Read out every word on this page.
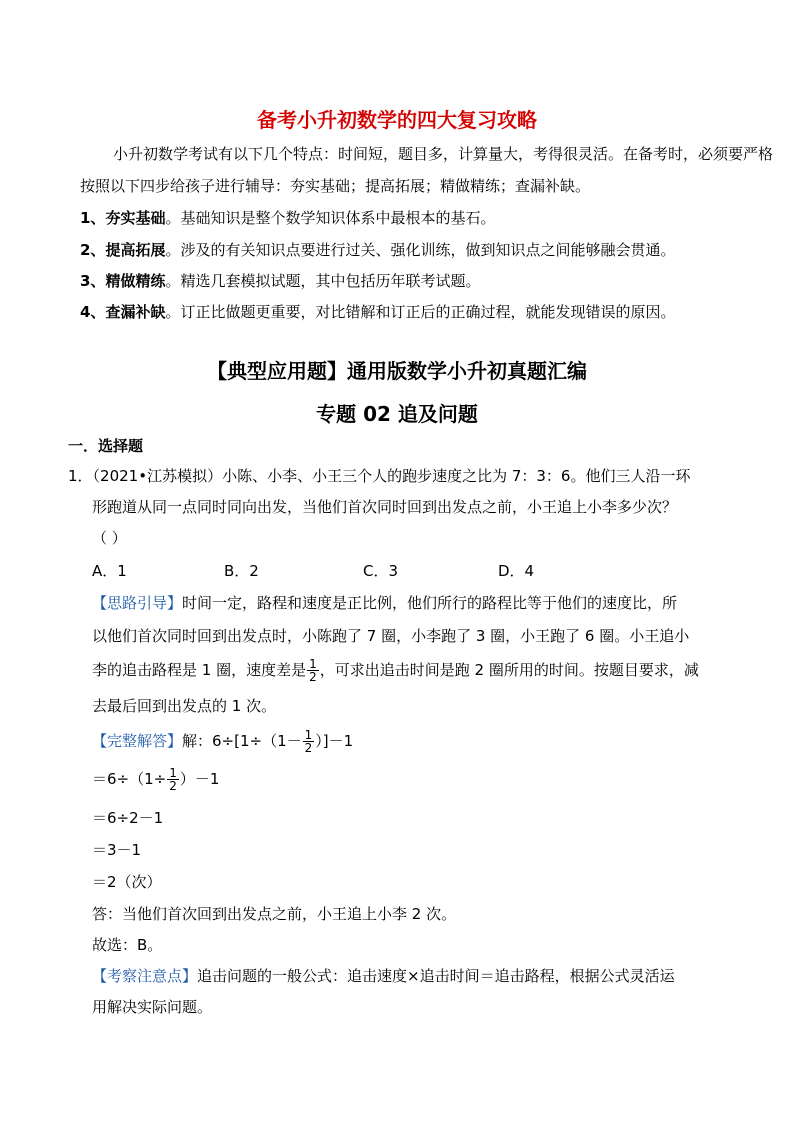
备考小升初数学的四大复习攻略
小升初数学考试有以下几个特点：时间短，题目多，计算量大，考得很灵活。在备考时，必须要严格
按照以下四步给孩子进行辅导：夯实基础；提高拓展；精做精练；查漏补缺。
1、夯实基础。基础知识是整个数学知识体系中最根本的基石。
2、提高拓展。涉及的有关知识点要进行过关、强化训练，做到知识点之间能够融会贯通。
3、精做精练。精选几套模拟试题，其中包括历年联考试题。
4、查漏补缺。订正比做题更重要，对比错解和订正后的正确过程，就能发现错误的原因。
【典型应用题】通用版数学小升初真题汇编
专题 02 追及问题
一．选择题
1．（2021•江苏模拟）小陈、小李、小王三个人的跑步速度之比为 7：3：6。他们三人沿一环
形跑道从同一点同时同向出发，当他们首次同时回到出发点之前，小王追上小李多少次？
（ ）
A．1	B．2	C．3	D．4
【思路引导】时间一定，路程和速度是正比例，他们所行的路程比等于他们的速度比，所
以他们首次同时回到出发点时，小陈跑了 7 圈，小李跑了 3 圈，小王跑了 6 圈。小王追小
李的追击路程是 1 圈，速度差是 $\frac{1}{2}$ ，可求出追击时间是跑 2 圈所用的时间。按题目要求，减
去最后回到出发点的 1 次。
【完整解答】解：$6\div[1\div(1- \frac{1}{2} )]-1$
$=6\div(1\div \frac{1}{2} )-1$
＝6÷2－1
＝3－1
＝2（次）
答：当他们首次回到出发点之前，小王追上小李 2 次。
故选：B。
【考察注意点】追击问题的一般公式：追击速度×追击时间＝追击路程，根据公式灵活运
用解决实际问题。
